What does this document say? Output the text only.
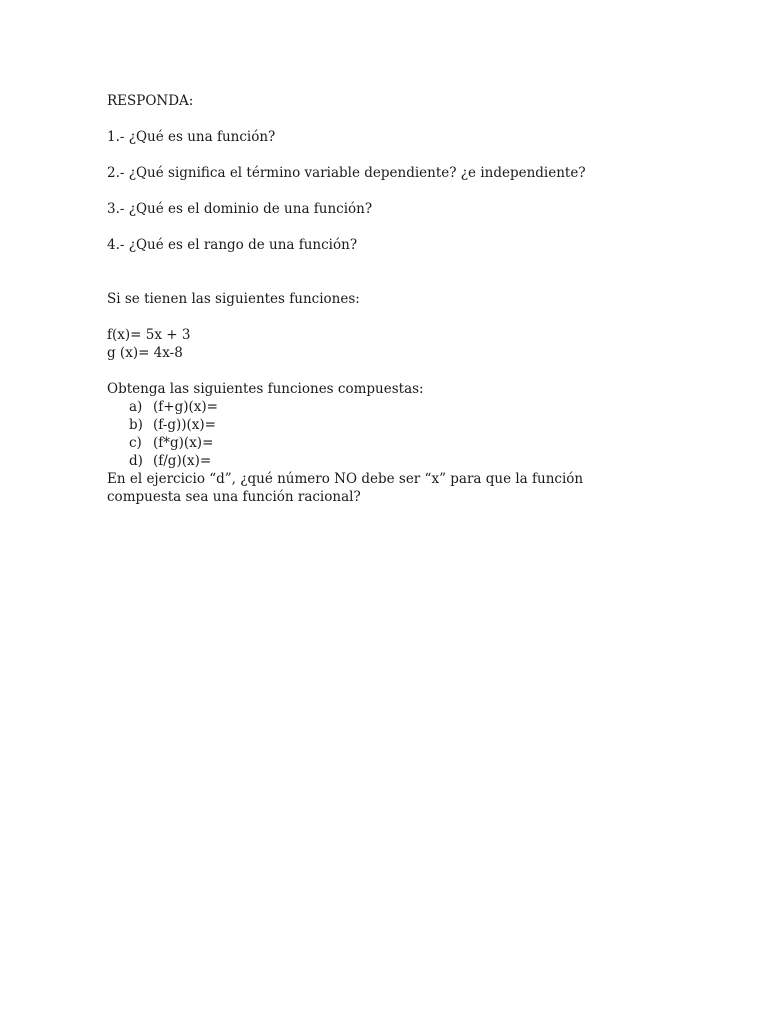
RESPONDA:

1.- ¿Qué es una función?

2.- ¿Qué significa el término variable dependiente? ¿e independiente?

3.- ¿Qué es el dominio de una función?

4.- ¿Qué es el rango de una función?

Si se tienen las siguientes funciones:

f(x)= 5x + 3

g (x)= 4x-8

Obtenga las siguientes funciones compuestas:

a) (f+g)(x)=
b) (f-g))(x)=
c) (f*g)(x)=
d) (f/g)(x)=

En el ejercicio “d”, ¿qué número NO debe ser “x” para que la función compuesta sea una función racional?
